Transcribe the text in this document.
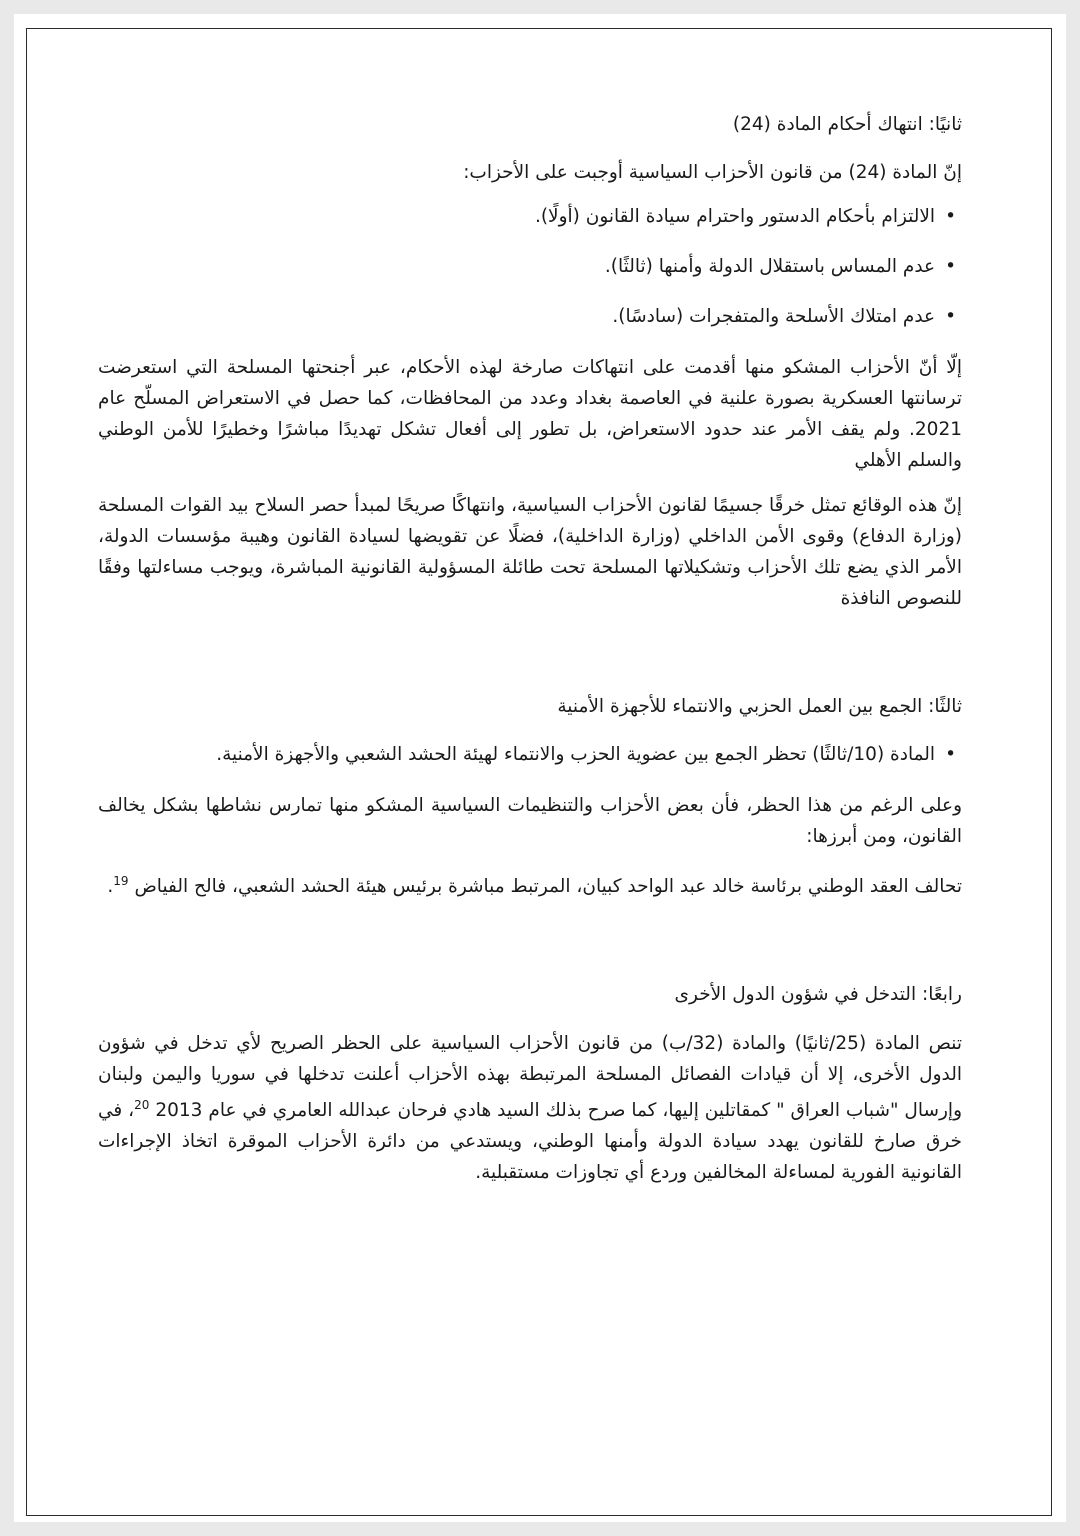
ثانيًا: انتهاك أحكام المادة (24)

إنّ المادة (24) من قانون الأحزاب السياسية أوجبت على الأحزاب:

•الالتزام بأحكام الدستور واحترام سيادة القانون (أولًا).
•عدم المساس باستقلال الدولة وأمنها (ثالثًا).
•عدم امتلاك الأسلحة والمتفجرات (سادسًا).

إلّا أنّ الأحزاب المشكو منها أقدمت على انتهاكات صارخة لهذه الأحكام، عبر أجنحتها المسلحة التي استعرضت ترسانتها العسكرية بصورة علنية في العاصمة بغداد وعدد من المحافظات، كما حصل في الاستعراض المسلّح عام 2021. ولم يقف الأمر عند حدود الاستعراض، بل تطور إلى أفعال تشكل تهديدًا مباشرًا وخطيرًا للأمن الوطني والسلم الأهلي

إنّ هذه الوقائع تمثل خرقًا جسيمًا لقانون الأحزاب السياسية، وانتهاكًا صريحًا لمبدأ حصر السلاح بيد القوات المسلحة (وزارة الدفاع) وقوى الأمن الداخلي (وزارة الداخلية)، فضلًا عن تقويضها لسيادة القانون وهيبة مؤسسات الدولة، الأمر الذي يضع تلك الأحزاب وتشكيلاتها المسلحة تحت طائلة المسؤولية القانونية المباشرة، ويوجب مساءلتها وفقًا للنصوص النافذة

ثالثًا: الجمع بين العمل الحزبي والانتماء للأجهزة الأمنية

•المادة (10/ثالثًا) تحظر الجمع بين عضوية الحزب والانتماء لهيئة الحشد الشعبي والأجهزة الأمنية.

وعلى الرغم من هذا الحظر، فأن بعض الأحزاب والتنظيمات السياسية المشكو منها تمارس نشاطها بشكل يخالف القانون، ومن أبرزها:

تحالف العقد الوطني برئاسة خالد عبد الواحد كبيان، المرتبط مباشرة برئيس هيئة الحشد الشعبي، فالح الفياض $^{19}$.

رابعًا: التدخل في شؤون الدول الأخرى

تنص المادة (25/ثانيًا) والمادة (32/ب) من قانون الأحزاب السياسية على الحظر الصريح لأي تدخل في شؤون الدول الأخرى، إلا أن قيادات الفصائل المسلحة المرتبطة بهذه الأحزاب أعلنت تدخلها في سوريا واليمن ولبنان وإرسال "شباب العراق " كمقاتلين إليها، كما صرح بذلك السيد هادي فرحان عبدالله العامري في عام 2013 $^{20}$، في خرق صارخ للقانون يهدد سيادة الدولة وأمنها الوطني، ويستدعي من دائرة الأحزاب الموقرة اتخاذ الإجراءات القانونية الفورية لمساءلة المخالفين وردع أي تجاوزات مستقبلية.
